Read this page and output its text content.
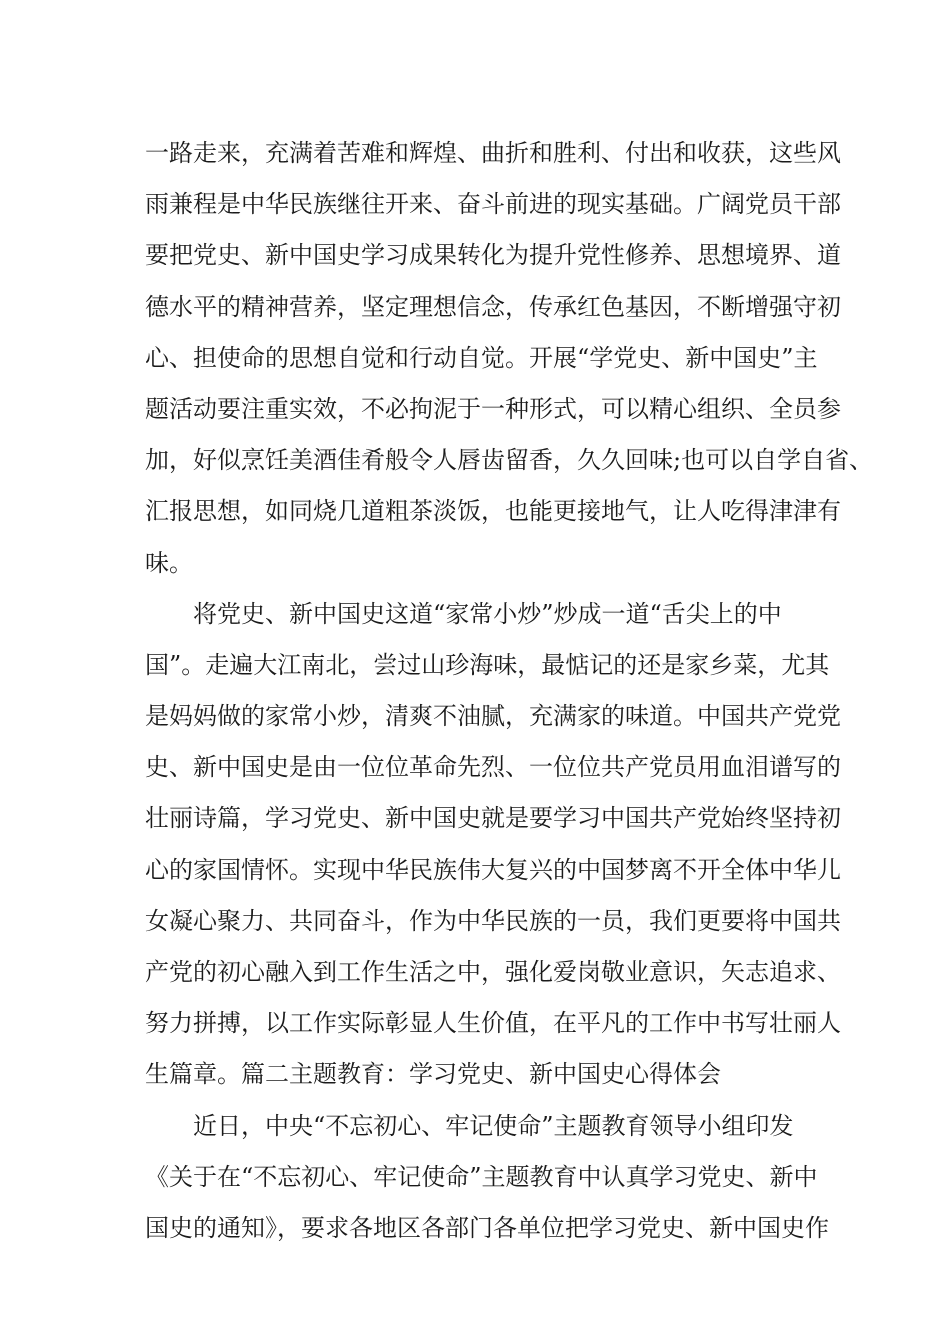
一路走来，充满着苦难和辉煌、曲折和胜利、付出和收获，这些风
雨兼程是中华民族继往开来、奋斗前进的现实基础。广阔党员干部
要把党史、新中国史学习成果转化为提升党性修养、思想境界、道
德水平的精神营养，坚定理想信念，传承红色基因，不断增强守初
心、担使命的思想自觉和行动自觉。开展“学党史、新中国史”主
题活动要注重实效，不必拘泥于一种形式，可以精心组织、全员参
加，好似烹饪美酒佳肴般令人唇齿留香，久久回味;也可以自学自省、
汇报思想，如同烧几道粗茶淡饭，也能更接地气，让人吃得津津有
味。
将党史、新中国史这道“家常小炒”炒成一道“舌尖上的中
国”。走遍大江南北，尝过山珍海味，最惦记的还是家乡菜，尤其
是妈妈做的家常小炒，清爽不油腻，充满家的味道。中国共产党党
史、新中国史是由一位位革命先烈、一位位共产党员用血泪谱写的
壮丽诗篇，学习党史、新中国史就是要学习中国共产党始终坚持初
心的家国情怀。实现中华民族伟大复兴的中国梦离不开全体中华儿
女凝心聚力、共同奋斗，作为中华民族的一员，我们更要将中国共
产党的初心融入到工作生活之中，强化爱岗敬业意识，矢志追求、
努力拼搏，以工作实际彰显人生价值，在平凡的工作中书写壮丽人
生篇章。篇二主题教育：学习党史、新中国史心得体会
近日，中央“不忘初心、牢记使命”主题教育领导小组印发
《关于在“不忘初心、牢记使命”主题教育中认真学习党史、新中
国史的通知》，要求各地区各部门各单位把学习党史、新中国史作
